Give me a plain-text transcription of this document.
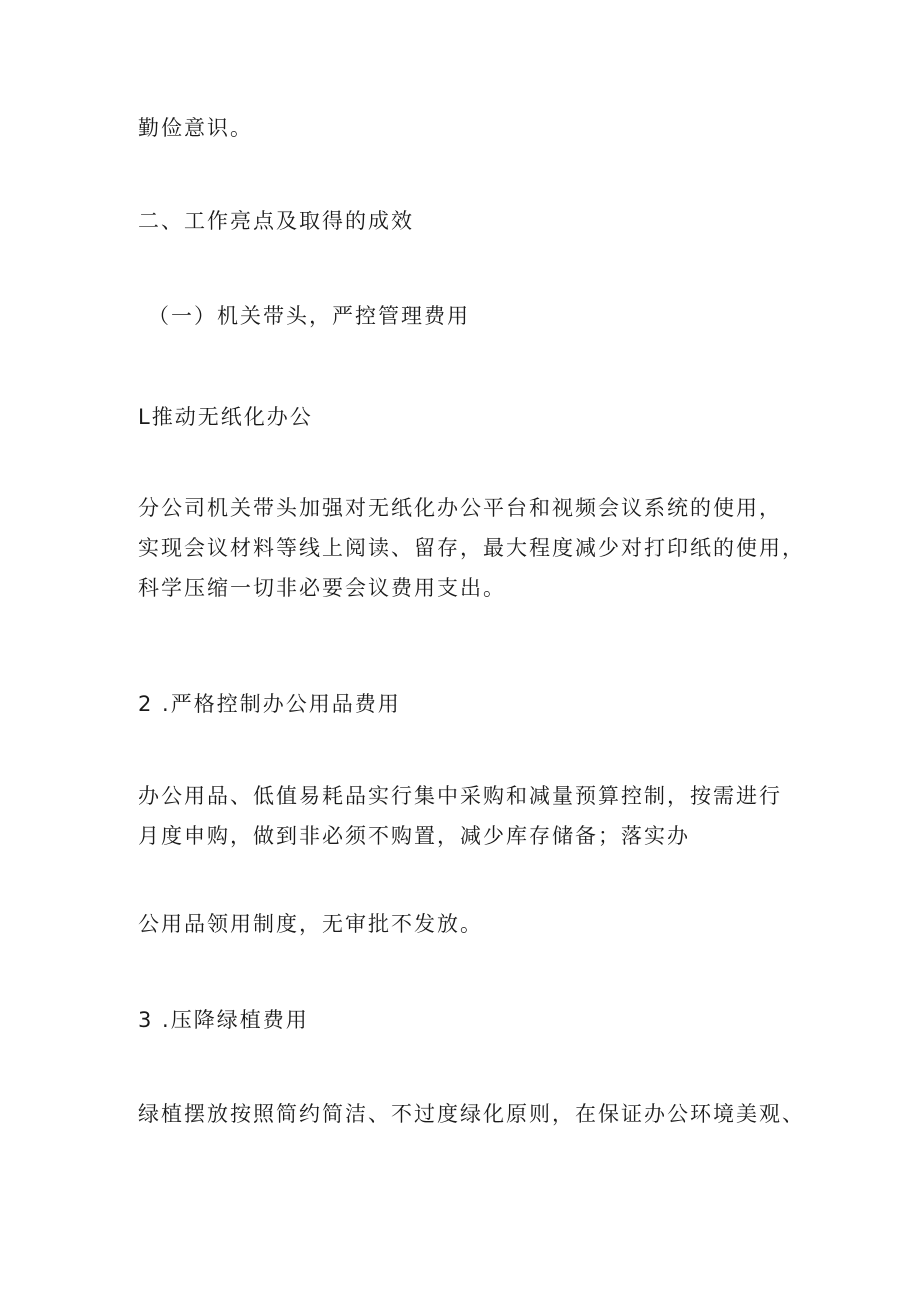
勤俭意识。
二、工作亮点及取得的成效
（一）机关带头，严控管理费用
L推动无纸化办公
分公司机关带头加强对无纸化办公平台和视频会议系统的使用，
实现会议材料等线上阅读、留存，最大程度减少对打印纸的使用，
科学压缩一切非必要会议费用支出。
2 .严格控制办公用品费用
办公用品、低值易耗品实行集中采购和减量预算控制，按需进行
月度申购，做到非必须不购置，减少库存储备；落实办
公用品领用制度，无审批不发放。
3 .压降绿植费用
绿植摆放按照简约简洁、不过度绿化原则，在保证办公环境美观、
